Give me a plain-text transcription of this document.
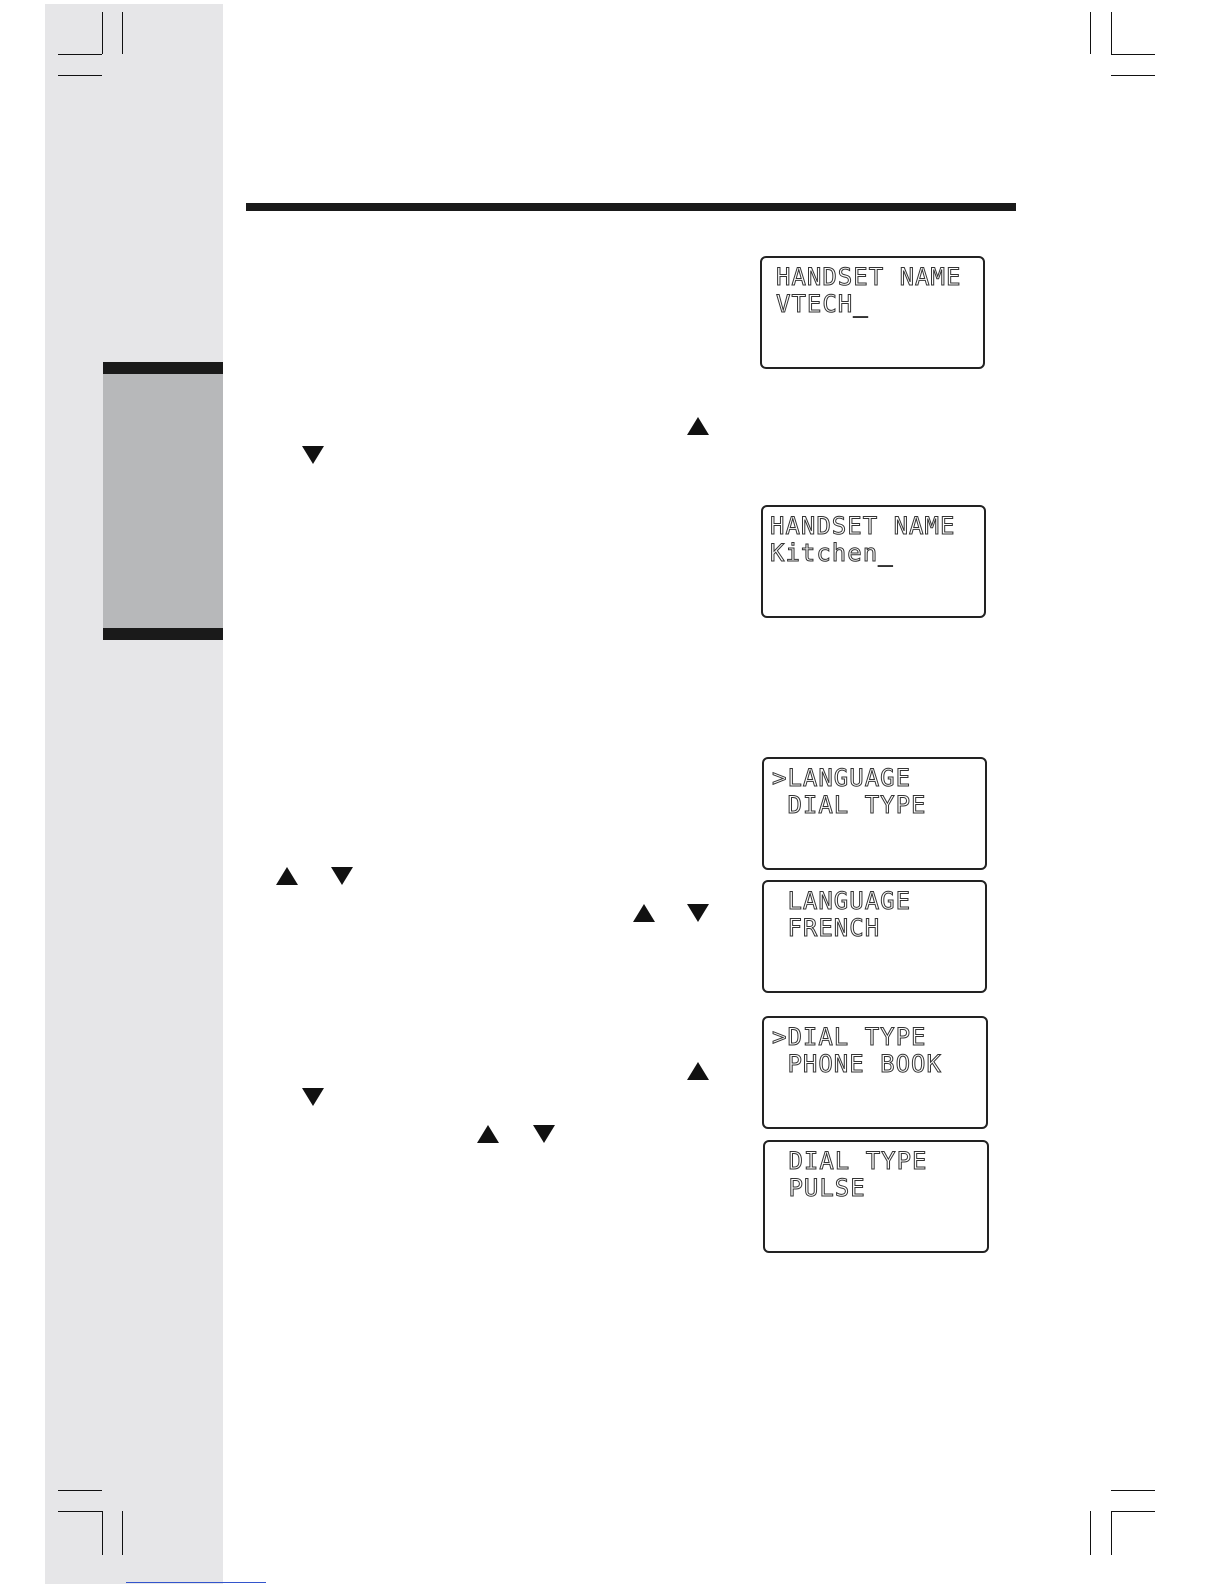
HANDSET NAME
VTECH_
HANDSET NAME
Kitchen_
>LANGUAGE
DIAL TYPE
LANGUAGE
FRENCH
>DIAL TYPE
PHONE BOOK
DIAL TYPE
PULSE
